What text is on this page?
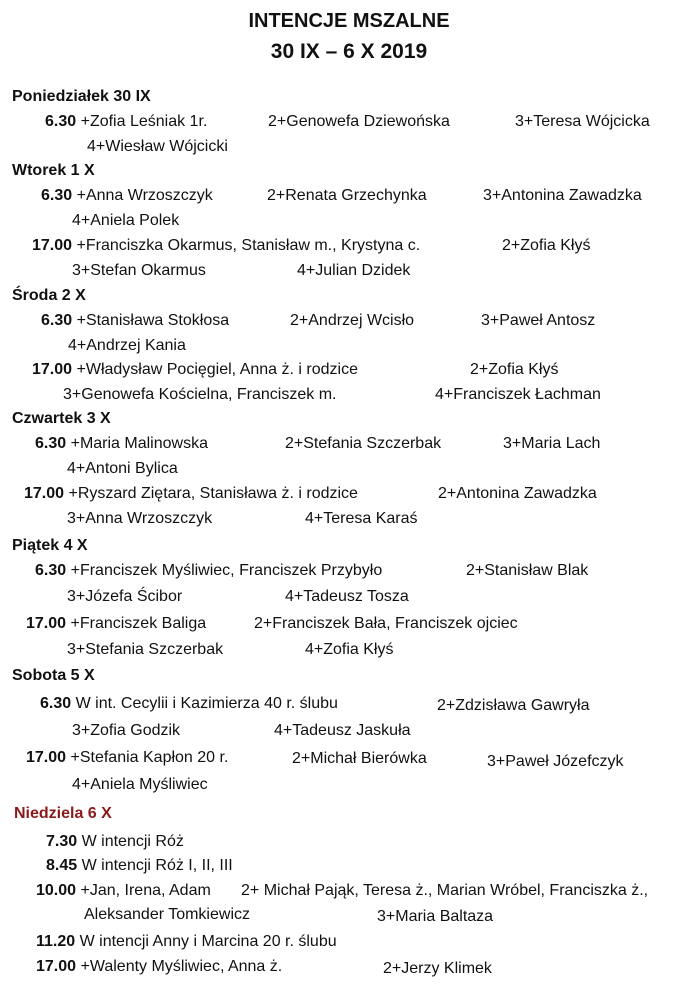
INTENCJE MSZALNE
30 IX – 6 X 2019
Poniedziałek 30 IX
6.30 +Zofia Leśniak 1r.	2+Genowefa Dziewońska	3+Teresa Wójcicka
4+Wiesław Wójcicki
Wtorek 1 X
6.30 +Anna Wrzoszczyk	2+Renata Grzechynka	3+Antonina Zawadzka
4+Aniela Polek
17.00 +Franciszka Okarmus, Stanisław m., Krystyna c.	2+Zofia Kłyś
3+Stefan Okarmus	4+Julian Dzidek
Środa 2 X
6.30 +Stanisława Stokłosa	2+Andrzej Wcisło	3+Paweł Antosz
4+Andrzej Kania
17.00 +Władysław Pocięgiel, Anna ż. i rodzice	2+Zofia Kłyś
3+Genowefa Kościelna, Franciszek m.	4+Franciszek Łachman
Czwartek 3 X
6.30 +Maria Malinowska	2+Stefania Szczerbak	3+Maria Lach
4+Antoni Bylica
17.00 +Ryszard Ziętara, Stanisława ż. i rodzice	2+Antonina Zawadzka
3+Anna Wrzoszczyk	4+Teresa Karaś
Piątek 4 X
6.30 +Franciszek Myśliwiec, Franciszek Przybyło	2+Stanisław Blak
3+Józefa Ścibor	4+Tadeusz Tosza
17.00 +Franciszek Baliga	2+Franciszek Bała, Franciszek ojciec
3+Stefania Szczerbak	4+Zofia Kłyś
Sobota 5 X
6.30 W int. Cecylii i Kazimierza 40 r. ślubu	2+Zdzisława Gawryła
3+Zofia Godzik	4+Tadeusz Jaskuła
17.00 +Stefania Kapłon 20 r.	2+Michał Bierówka	3+Paweł Józefczyk
4+Aniela Myśliwiec
Niedziela 6 X
7.30 W intencji Róż
8.45 W intencji Róż I, II, III
10.00 +Jan, Irena, Adam 2+ Michał Pająk, Teresa ż., Marian Wróbel, Franciszka ż.,
Aleksander Tomkiewicz	3+Maria Baltaza
11.20 W intencji Anny i Marcina 20 r. ślubu
17.00 +Walenty Myśliwiec, Anna ż.	2+Jerzy Klimek
